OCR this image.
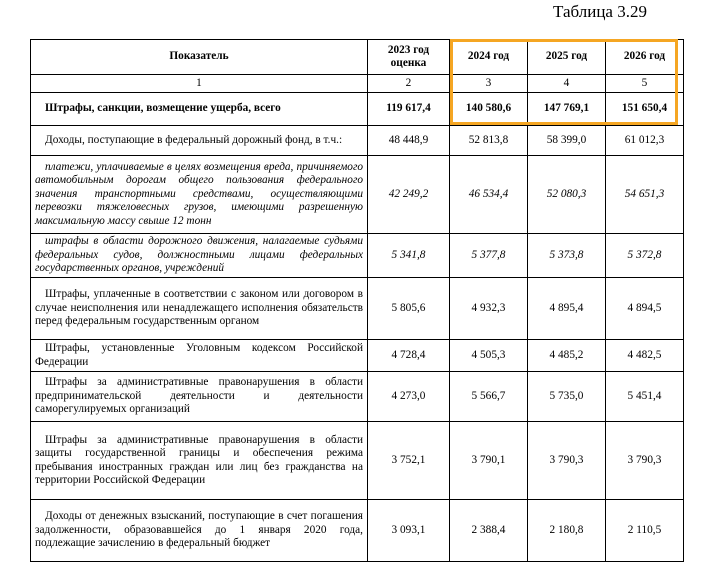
Таблица 3.29
Показатель	2023 год оценка	2024 год	2025 год	2026 год
1	2	3	4	5
Штрафы, санкции, возмещение ущерба, всего	119 617,4	140 580,6	147 769,1	151 650,4
Доходы, поступающие в федеральный дорожный фонд, в т.ч.:	48 448,9	52 813,8	58 399,0	61 012,3
платежи, уплачиваемые в целях возмещения вреда, причиняемого автомобильным дорогам общего пользования федерального значения транспортными средствами, осуществляющими перевозки тяжеловесных грузов, имеющими разрешенную максимальную массу свыше 12 тонн	42 249,2	46 534,4	52 080,3	54 651,3
штрафы в области дорожного движения, налагаемые судьями федеральных судов, должностными лицами федеральных государственных органов, учреждений	5 341,8	5 377,8	5 373,8	5 372,8
Штрафы, уплаченные в соответствии с законом или договором в случае неисполнения или ненадлежащего исполнения обязательств перед федеральным государственным органом	5 805,6	4 932,3	4 895,4	4 894,5
Штрафы, установленные Уголовным кодексом Российской Федерации	4 728,4	4 505,3	4 485,2	4 482,5
Штрафы за административные правонарушения в области предпринимательской деятельности и деятельности саморегулируемых организаций	4 273,0	5 566,7	5 735,0	5 451,4
Штрафы за административные правонарушения в области защиты государственной границы и обеспечения режима пребывания иностранных граждан или лиц без гражданства на территории Российской Федерации	3 752,1	3 790,1	3 790,3	3 790,3
Доходы от денежных взысканий, поступающие в счет погашения задолженности, образовавшейся до 1 января 2020 года, подлежащие зачислению в федеральный бюджет	3 093,1	2 388,4	2 180,8	2 110,5
